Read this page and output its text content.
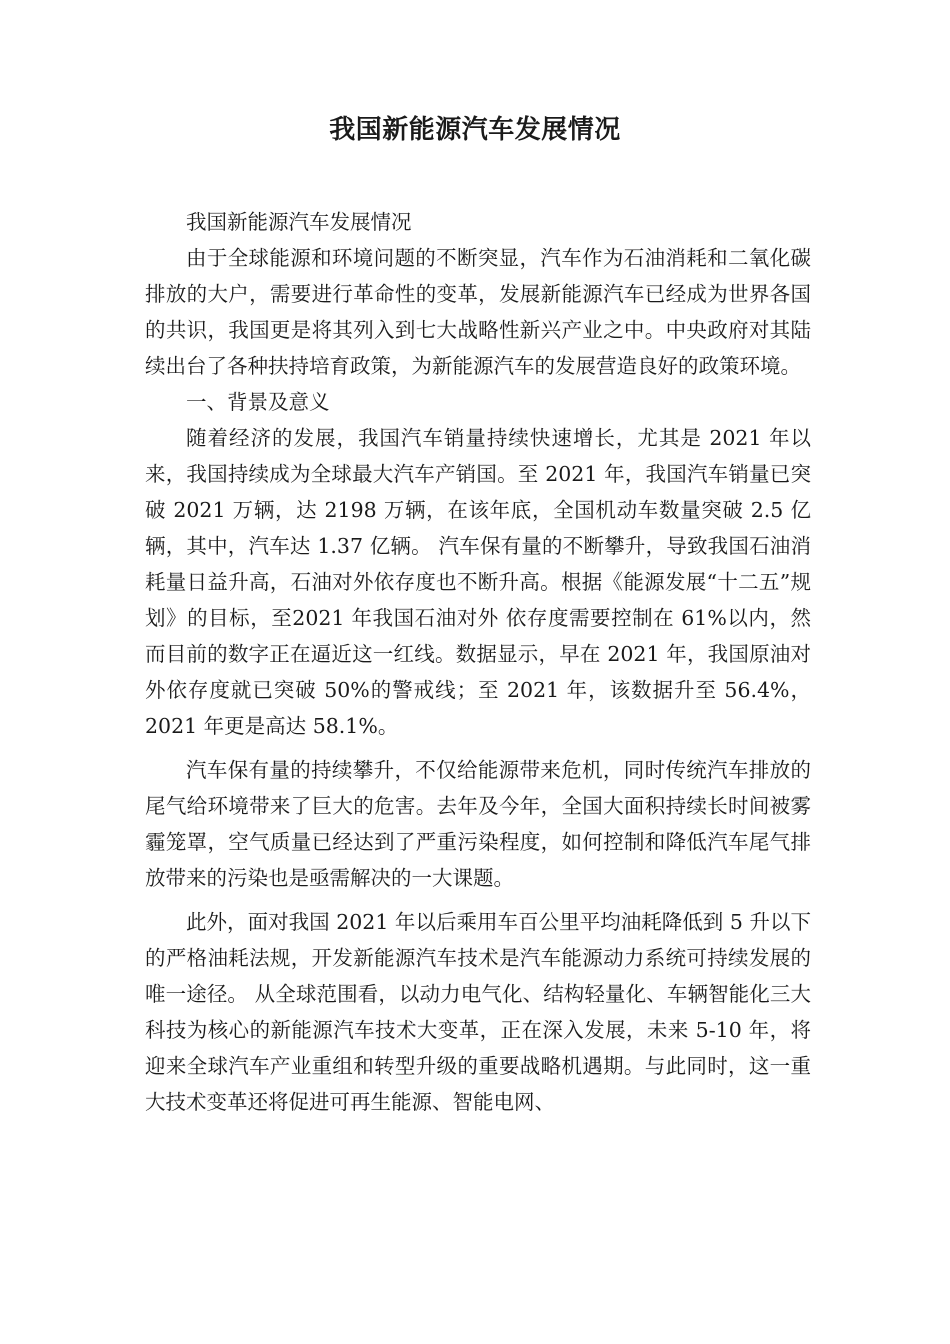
我国新能源汽车发展情况

我国新能源汽车发展情况

由于全球能源和环境问题的不断突显，汽车作为石油消耗和二氧化碳排放的大户，需要进行革命性的变革，发展新能源汽车已经成为世界各国的共识，我国更是将其列入到七大战略性新兴产业之中。中央政府对其陆续出台了各种扶持培育政策，为新能源汽车的发展营造良好的政策环境。

一、背景及意义

随着经济的发展，我国汽车销量持续快速增长，尤其是 2021 年以来，我国持续成为全球最大汽车产销国。至 2021 年，我国汽车销量已突破 2021 万辆，达 2198 万辆，在该年底，全国机动车数量突破 2.5 亿辆，其中，汽车达 1.37 亿辆。 汽车保有量的不断攀升，导致我国石油消耗量日益升高，石油对外依存度也不断升高。根据《能源发展“十二五”规划》的目标，至2021 年我国石油对外 依存度需要控制在 61%以内，然而目前的数字正在逼近这一红线。数据显示，早在 2021 年，我国原油对外依存度就已突破 50%的警戒线；至 2021 年，该数据升至 56.4%，2021 年更是高达 58.1%。

汽车保有量的持续攀升，不仅给能源带来危机，同时传统汽车排放的尾气给环境带来了巨大的危害。去年及今年，全国大面积持续长时间被雾霾笼罩，空气质量已经达到了严重污染程度，如何控制和降低汽车尾气排放带来的污染也是亟需解决的一大课题。

此外，面对我国 2021 年以后乘用车百公里平均油耗降低到 5 升以下的严格油耗法规，开发新能源汽车技术是汽车能源动力系统可持续发展的唯一途径。 从全球范围看，以动力电气化、结构轻量化、车辆智能化三大科技为核心的新能源汽车技术大变革，正在深入发展，未来 5-10 年，将迎来全球汽车产业重组和转型升级的重要战略机遇期。与此同时，这一重大技术变革还将促进可再生能源、智能电网、
